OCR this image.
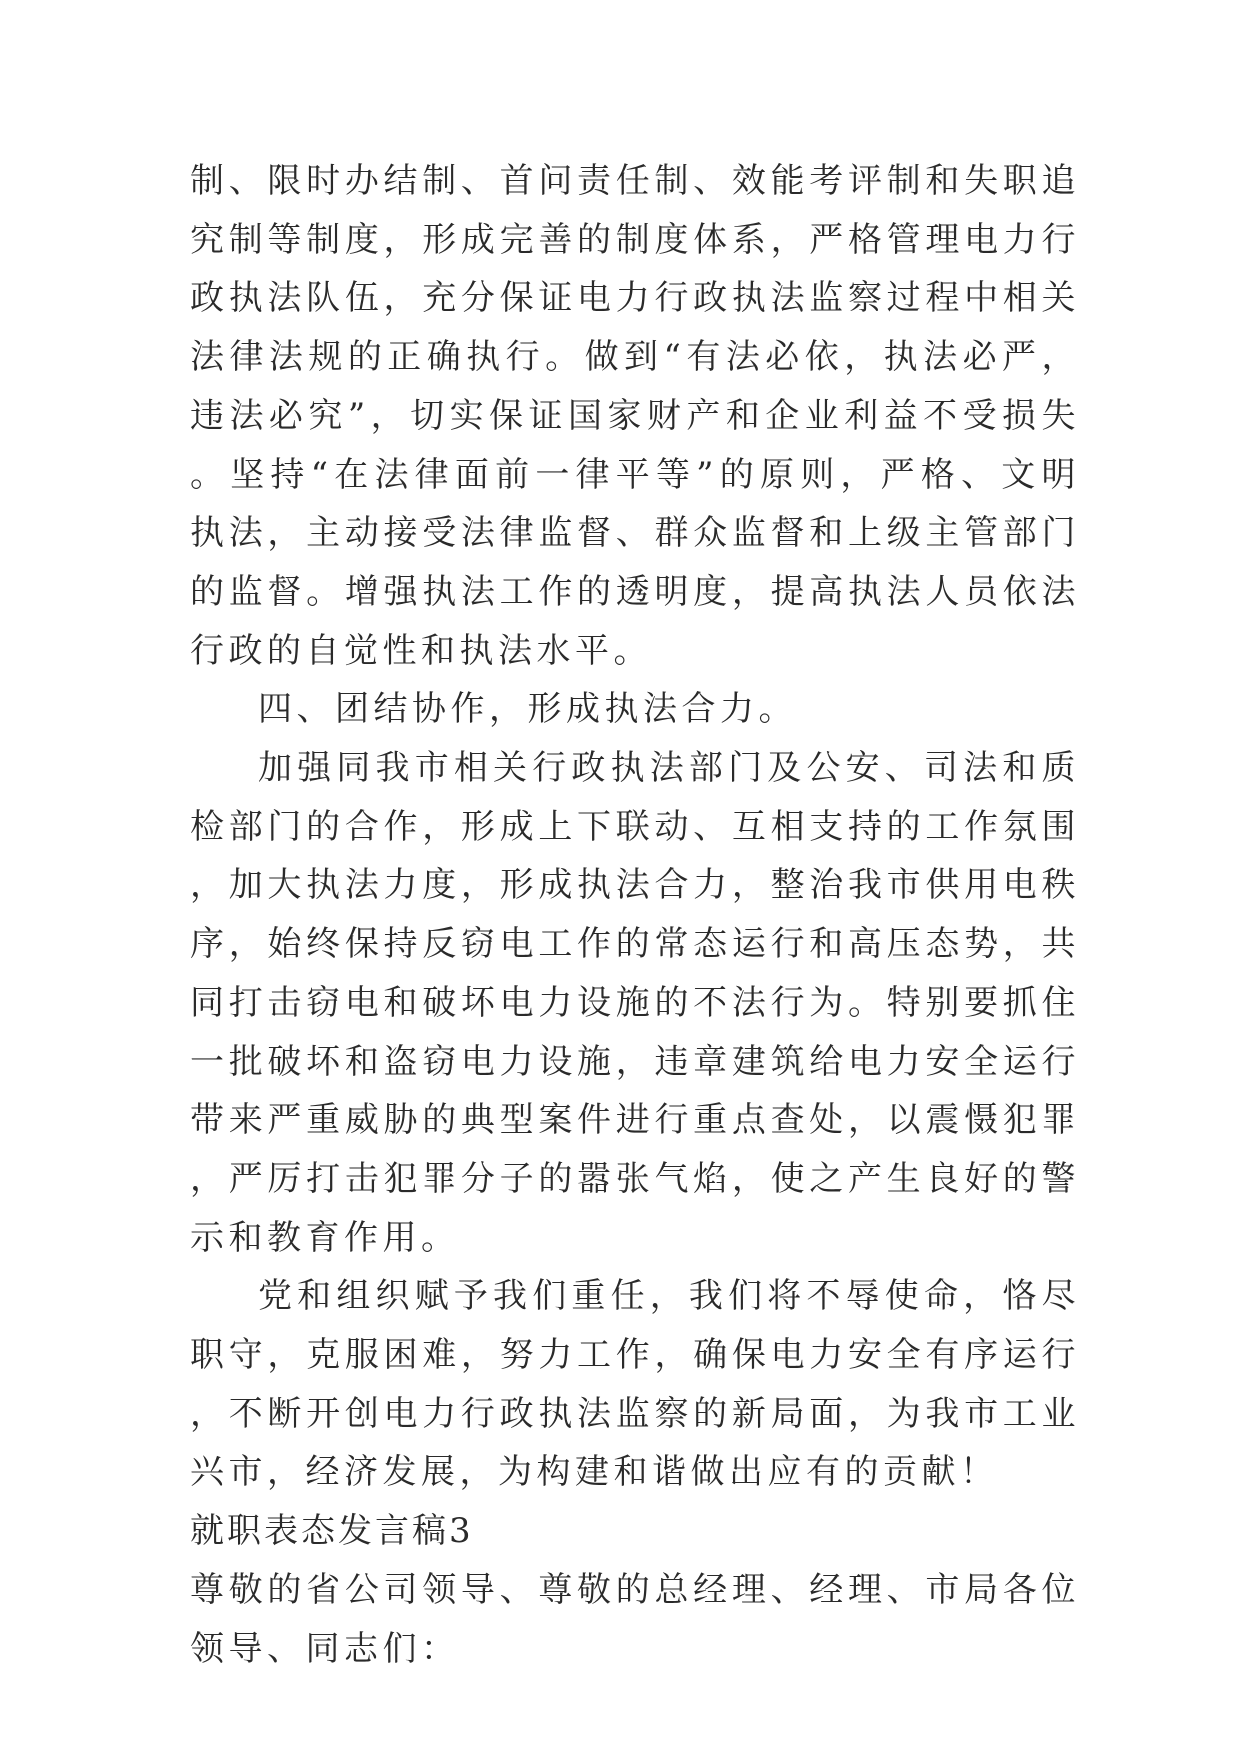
制、限时办结制、首问责任制、效能考评制和失职追究制等制度，形成完善的制度体系，严格管理电力行政执法队伍，充分保证电力行政执法监察过程中相关法律法规的正确执行。做到“有法必依，执法必严，违法必究”，切实保证国家财产和企业利益不受损失。坚持“在法律面前一律平等”的原则，严格、文明执法，主动接受法律监督、群众监督和上级主管部门的监督。增强执法工作的透明度，提高执法人员依法行政的自觉性和执法水平。

四、团结协作，形成执法合力。

加强同我市相关行政执法部门及公安、司法和质检部门的合作，形成上下联动、互相支持的工作氛围，加大执法力度，形成执法合力，整治我市供用电秩序，始终保持反窃电工作的常态运行和高压态势，共同打击窃电和破坏电力设施的不法行为。特别要抓住一批破坏和盗窃电力设施，违章建筑给电力安全运行带来严重威胁的典型案件进行重点查处，以震慑犯罪，严厉打击犯罪分子的嚣张气焰，使之产生良好的警示和教育作用。

党和组织赋予我们重任，我们将不辱使命，恪尽职守，克服困难，努力工作，确保电力安全有序运行，不断开创电力行政执法监察的新局面，为我市工业兴市，经济发展，为构建和谐做出应有的贡献！

就职表态发言稿3

尊敬的省公司领导、尊敬的总经理、经理、市局各位领导、同志们：
